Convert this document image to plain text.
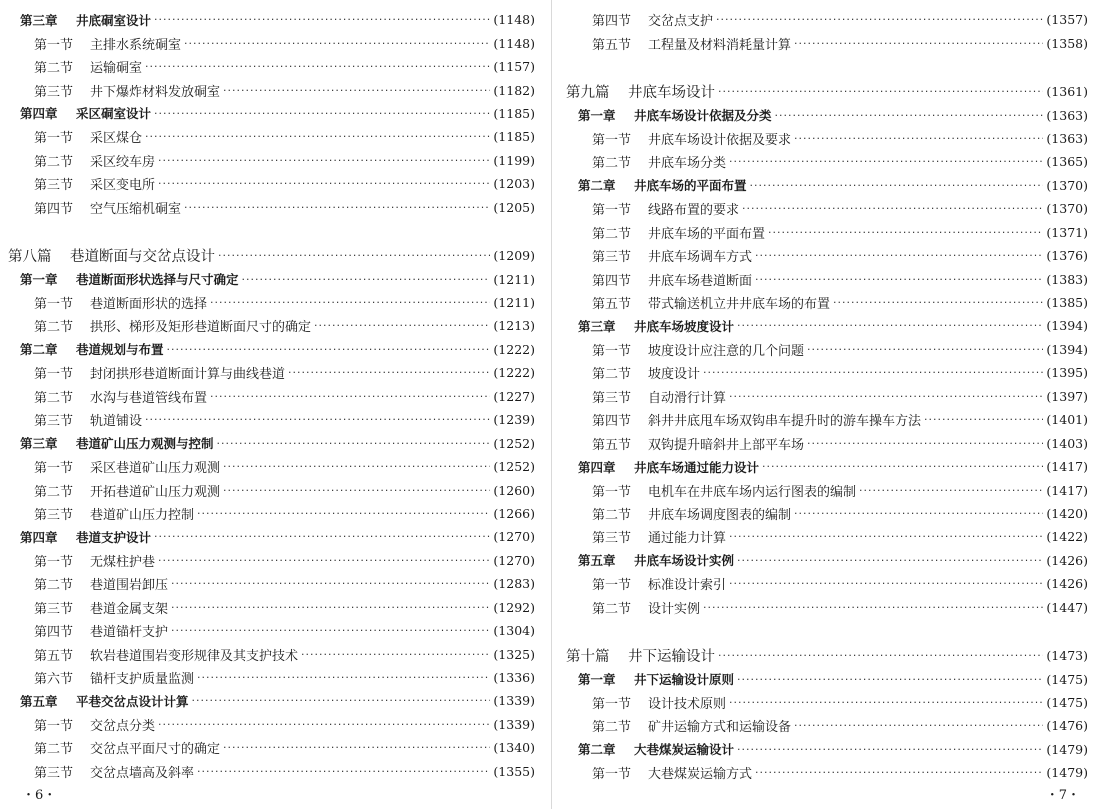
第三章	井底硐室设计 ·····	(1148)
第一节	主排水系统硐室 ·····	(1148)
第二节	运输硐室 ·····	(1157)
第三节	井下爆炸材料发放硐室 ·····	(1182)
第四章	采区硐室设计 ·····	(1185)
第一节	采区煤仓 ·····	(1185)
第二节	采区绞车房 ·····	(1199)
第三节	采区变电所 ·····	(1203)
第四节	空气压缩机硐室 ·····	(1205)
第八篇	巷道断面与交岔点设计 ·····	(1209)
第一章	巷道断面形状选择与尺寸确定 ·····	(1211)
第一节	巷道断面形状的选择 ·····	(1211)
第二节	拱形、梯形及矩形巷道断面尺寸的确定 ·····	(1213)
第二章	巷道规划与布置 ·····	(1222)
第一节	封闭拱形巷道断面计算与曲线巷道 ·····	(1222)
第二节	水沟与巷道管线布置 ·····	(1227)
第三节	轨道铺设 ·····	(1239)
第三章	巷道矿山压力观测与控制 ·····	(1252)
第一节	采区巷道矿山压力观测 ·····	(1252)
第二节	开拓巷道矿山压力观测 ·····	(1260)
第三节	巷道矿山压力控制 ·····	(1266)
第四章	巷道支护设计 ·····	(1270)
第一节	无煤柱护巷 ·····	(1270)
第二节	巷道围岩卸压 ·····	(1283)
第三节	巷道金属支架 ·····	(1292)
第四节	巷道锚杆支护 ·····	(1304)
第五节	软岩巷道围岩变形规律及其支护技术 ·····	(1325)
第六节	锚杆支护质量监测 ·····	(1336)
第五章	平巷交岔点设计计算 ·····	(1339)
第一节	交岔点分类 ·····	(1339)
第二节	交岔点平面尺寸的确定 ·····	(1340)
第三节	交岔点墙高及斜率 ·····	(1355)
・6・
第四节	交岔点支护 ·····	(1357)
第五节	工程量及材料消耗量计算 ·····	(1358)
第九篇	井底车场设计 ·····	(1361)
第一章	井底车场设计依据及分类 ·····	(1363)
第一节	井底车场设计依据及要求 ·····	(1363)
第二节	井底车场分类 ·····	(1365)
第二章	井底车场的平面布置 ·····	(1370)
第一节	线路布置的要求 ·····	(1370)
第二节	井底车场的平面布置 ·····	(1371)
第三节	井底车场调车方式 ·····	(1376)
第四节	井底车场巷道断面 ·····	(1383)
第五节	带式输送机立井井底车场的布置 ·····	(1385)
第三章	井底车场坡度设计 ·····	(1394)
第一节	坡度设计应注意的几个问题 ·····	(1394)
第二节	坡度设计 ·····	(1395)
第三节	自动滑行计算 ·····	(1397)
第四节	斜井井底甩车场双钩串车提升时的游车操车方法 ·····	(1401)
第五节	双钩提升暗斜井上部平车场 ·····	(1403)
第四章	井底车场通过能力设计 ·····	(1417)
第一节	电机车在井底车场内运行图表的编制 ·····	(1417)
第二节	井底车场调度图表的编制 ·····	(1420)
第三节	通过能力计算 ·····	(1422)
第五章	井底车场设计实例 ·····	(1426)
第一节	标准设计索引 ·····	(1426)
第二节	设计实例 ·····	(1447)
第十篇	井下运输设计 ·····	(1473)
第一章	井下运输设计原则 ·····	(1475)
第一节	设计技术原则 ·····	(1475)
第二节	矿井运输方式和运输设备 ·····	(1476)
第二章	大巷煤炭运输设计 ·····	(1479)
第一节	大巷煤炭运输方式 ·····	(1479)
・7・
